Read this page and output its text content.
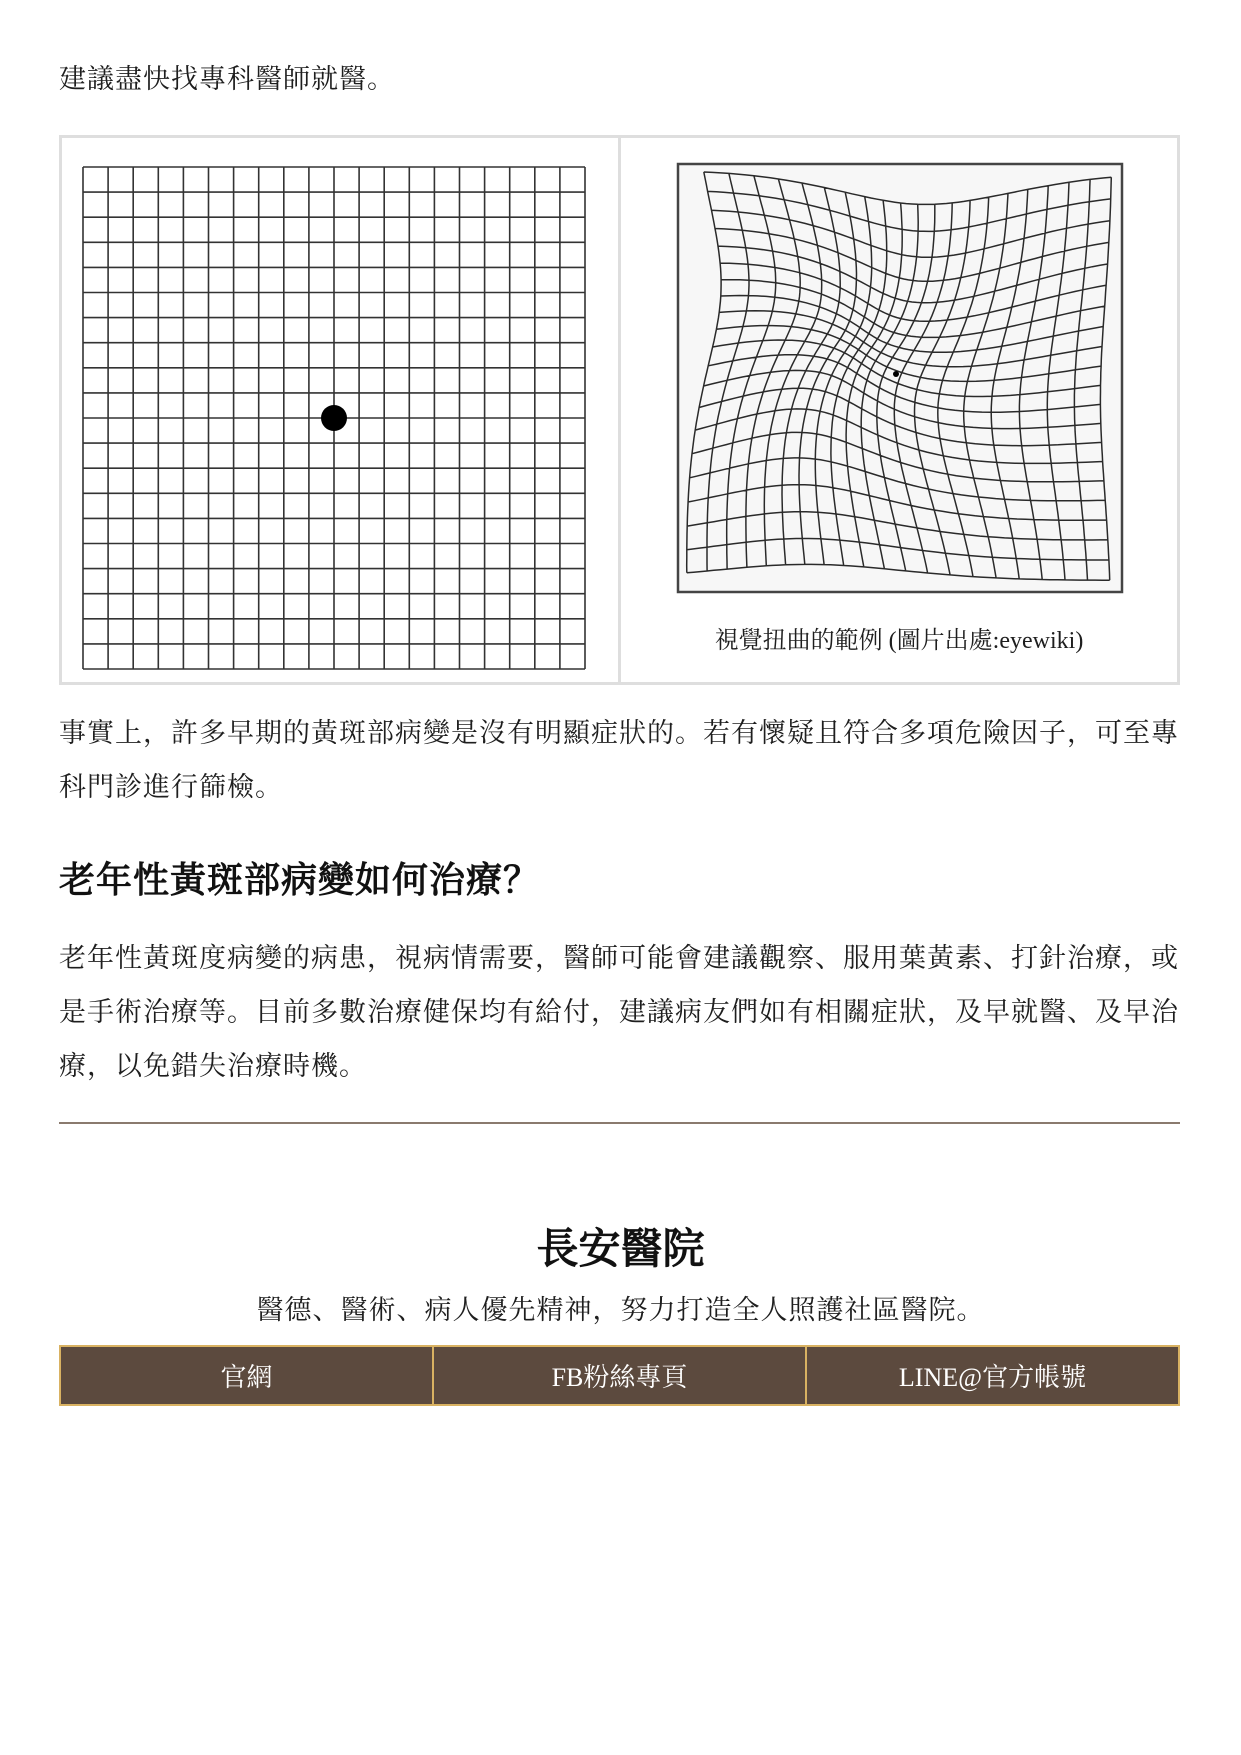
建議盡快找專科醫師就醫。

視覺扭曲的範例 (圖片出處:eyewiki)

事實上，許多早期的黃斑部病變是沒有明顯症狀的。若有懷疑且符合多項危險因子，可至專科門診進行篩檢。

老年性黃斑部病變如何治療？

老年性黃斑度病變的病患，視病情需要，醫師可能會建議觀察、服用葉黃素、打針治療，或是手術治療等。目前多數治療健保均有給付，建議病友們如有相關症狀，及早就醫、及早治療，以免錯失治療時機。

長安醫院
醫德、醫術、病人優先精神，努力打造全人照護社區醫院。
官網	FB粉絲專頁	LINE@官方帳號
